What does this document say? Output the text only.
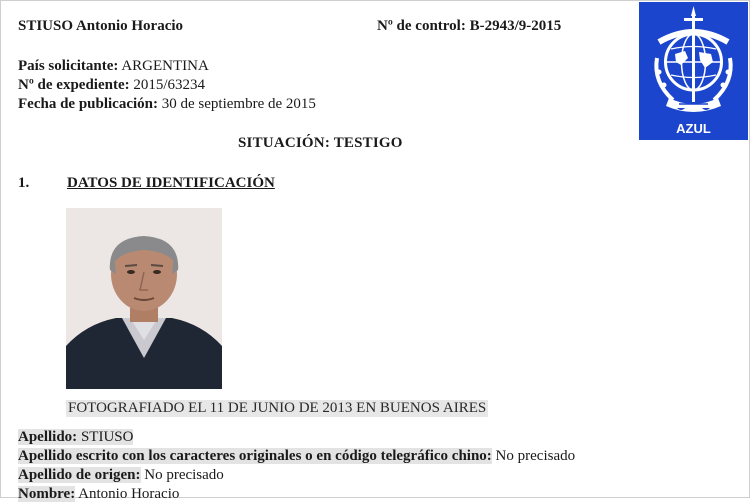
STIUSO Antonio Horacio	Nº de control: B-2943/9-2015
País solicitante: ARGENTINA
Nº de expediente: 2015/63234
Fecha de publicación: 30 de septiembre de 2015
SITUACIÓN: TESTIGO
1.	DATOS DE IDENTIFICACIÓN
AZUL
FOTOGRAFIADO EL 11 DE JUNIO DE 2013 EN BUENOS AIRES
Apellido: STIUSO
Apellido escrito con los caracteres originales o en código telegráfico chino: No precisado
Apellido de origen: No precisado
Nombre: Antonio Horacio
